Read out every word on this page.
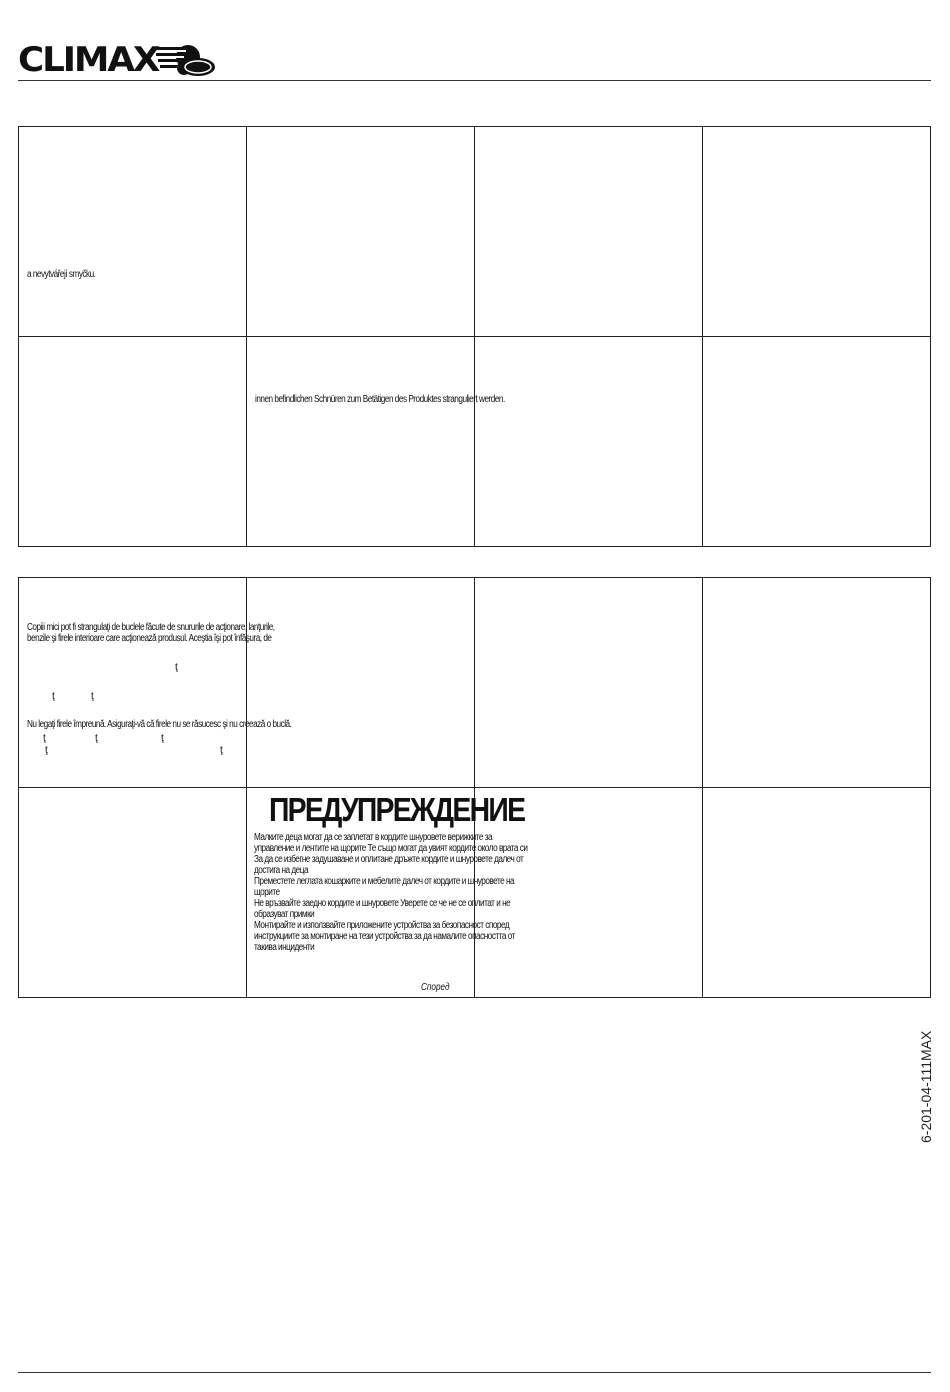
CLIMAX
a nevytvářejí smyčku.
innen befindlichen Schnüren zum Betätigen des Produktes stranguliert werden.
Copiii mici pot fi strangulaţi de buclele făcute de snururile de acţionare, lanţurile,
benzile şi firele interioare care acţionează produsul. Aceştia îşi pot înfăşura, de
ţ
ţ	ţ
Nu legaţi firele împreună. Asiguraţi-vă că firele nu se răsucesc şi nu creează o buclă.
ţ	ţ	ţ
ţ	ţ
ПРЕДУПРЕЖДЕНИЕ
Малките деца могат да се заплетат в кордите шнуровете верижките за
управление и лентите на щорите Те също могат да увият кордите около врата си
За да се избегне задушаване и оплитане дръжте кордите и шнуровете далеч от
достига на деца
Преместете леглата кошарките и мебелите далеч от кордите и шнуровете на
щорите
Не връзвайте заедно кордите и шнуровете Уверете се че не се оплитат и не
образуват примки
Монтирайте и използвайте приложените устройства за безопасност според
инструкциите за монтиране на тези устройства за да намалите опасността от
такива инциденти
Според
6-201-04-111MAX
